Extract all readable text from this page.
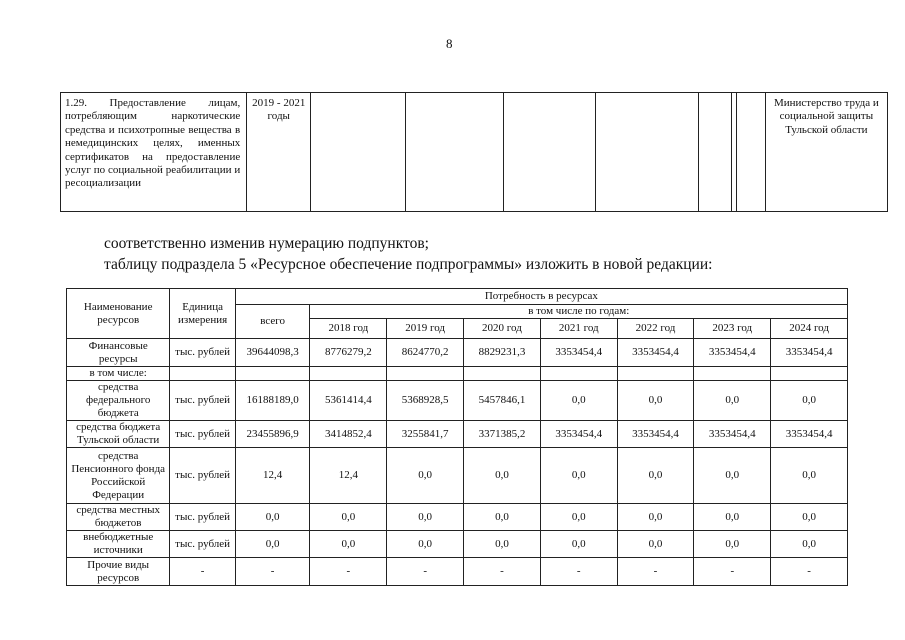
8
1.29. Предоставление лицам, потребляющим наркотические средства и психотропные вещества в немедицинских целях, именных сертификатов на предоставление услуг по социальной реабилитации и ресоциализации	2019 - 2021 годы								Министерство труда и социальной защиты Тульской области
соответственно изменив нумерацию подпунктов;
таблицу подраздела 5 «Ресурсное обеспечение подпрограммы» изложить в новой редакции:
Наименование ресурсов	Единица измерения	Потребность в ресурсах							
		всего	в том числе по годам:						
			2018 год	2019 год	2020 год	2021 год	2022 год	2023 год	2024 год
Финансовые ресурсы	тыс. рублей	39644098,3	8776279,2	8624770,2	8829231,3	3353454,4	3353454,4	3353454,4	3353454,4
в том числе:									
средства федерального бюджета	тыс. рублей	16188189,0	5361414,4	5368928,5	5457846,1	0,0	0,0	0,0	0,0
средства бюджета Тульской области	тыс. рублей	23455896,9	3414852,4	3255841,7	3371385,2	3353454,4	3353454,4	3353454,4	3353454,4
средства Пенсионного фонда Российской Федерации	тыс. рублей	12,4	12,4	0,0	0,0	0,0	0,0	0,0	0,0
средства местных бюджетов	тыс. рублей	0,0	0,0	0,0	0,0	0,0	0,0	0,0	0,0
внебюджетные источники	тыс. рублей	0,0	0,0	0,0	0,0	0,0	0,0	0,0	0,0
Прочие виды ресурсов	-	-	-	-	-	-	-	-	-
